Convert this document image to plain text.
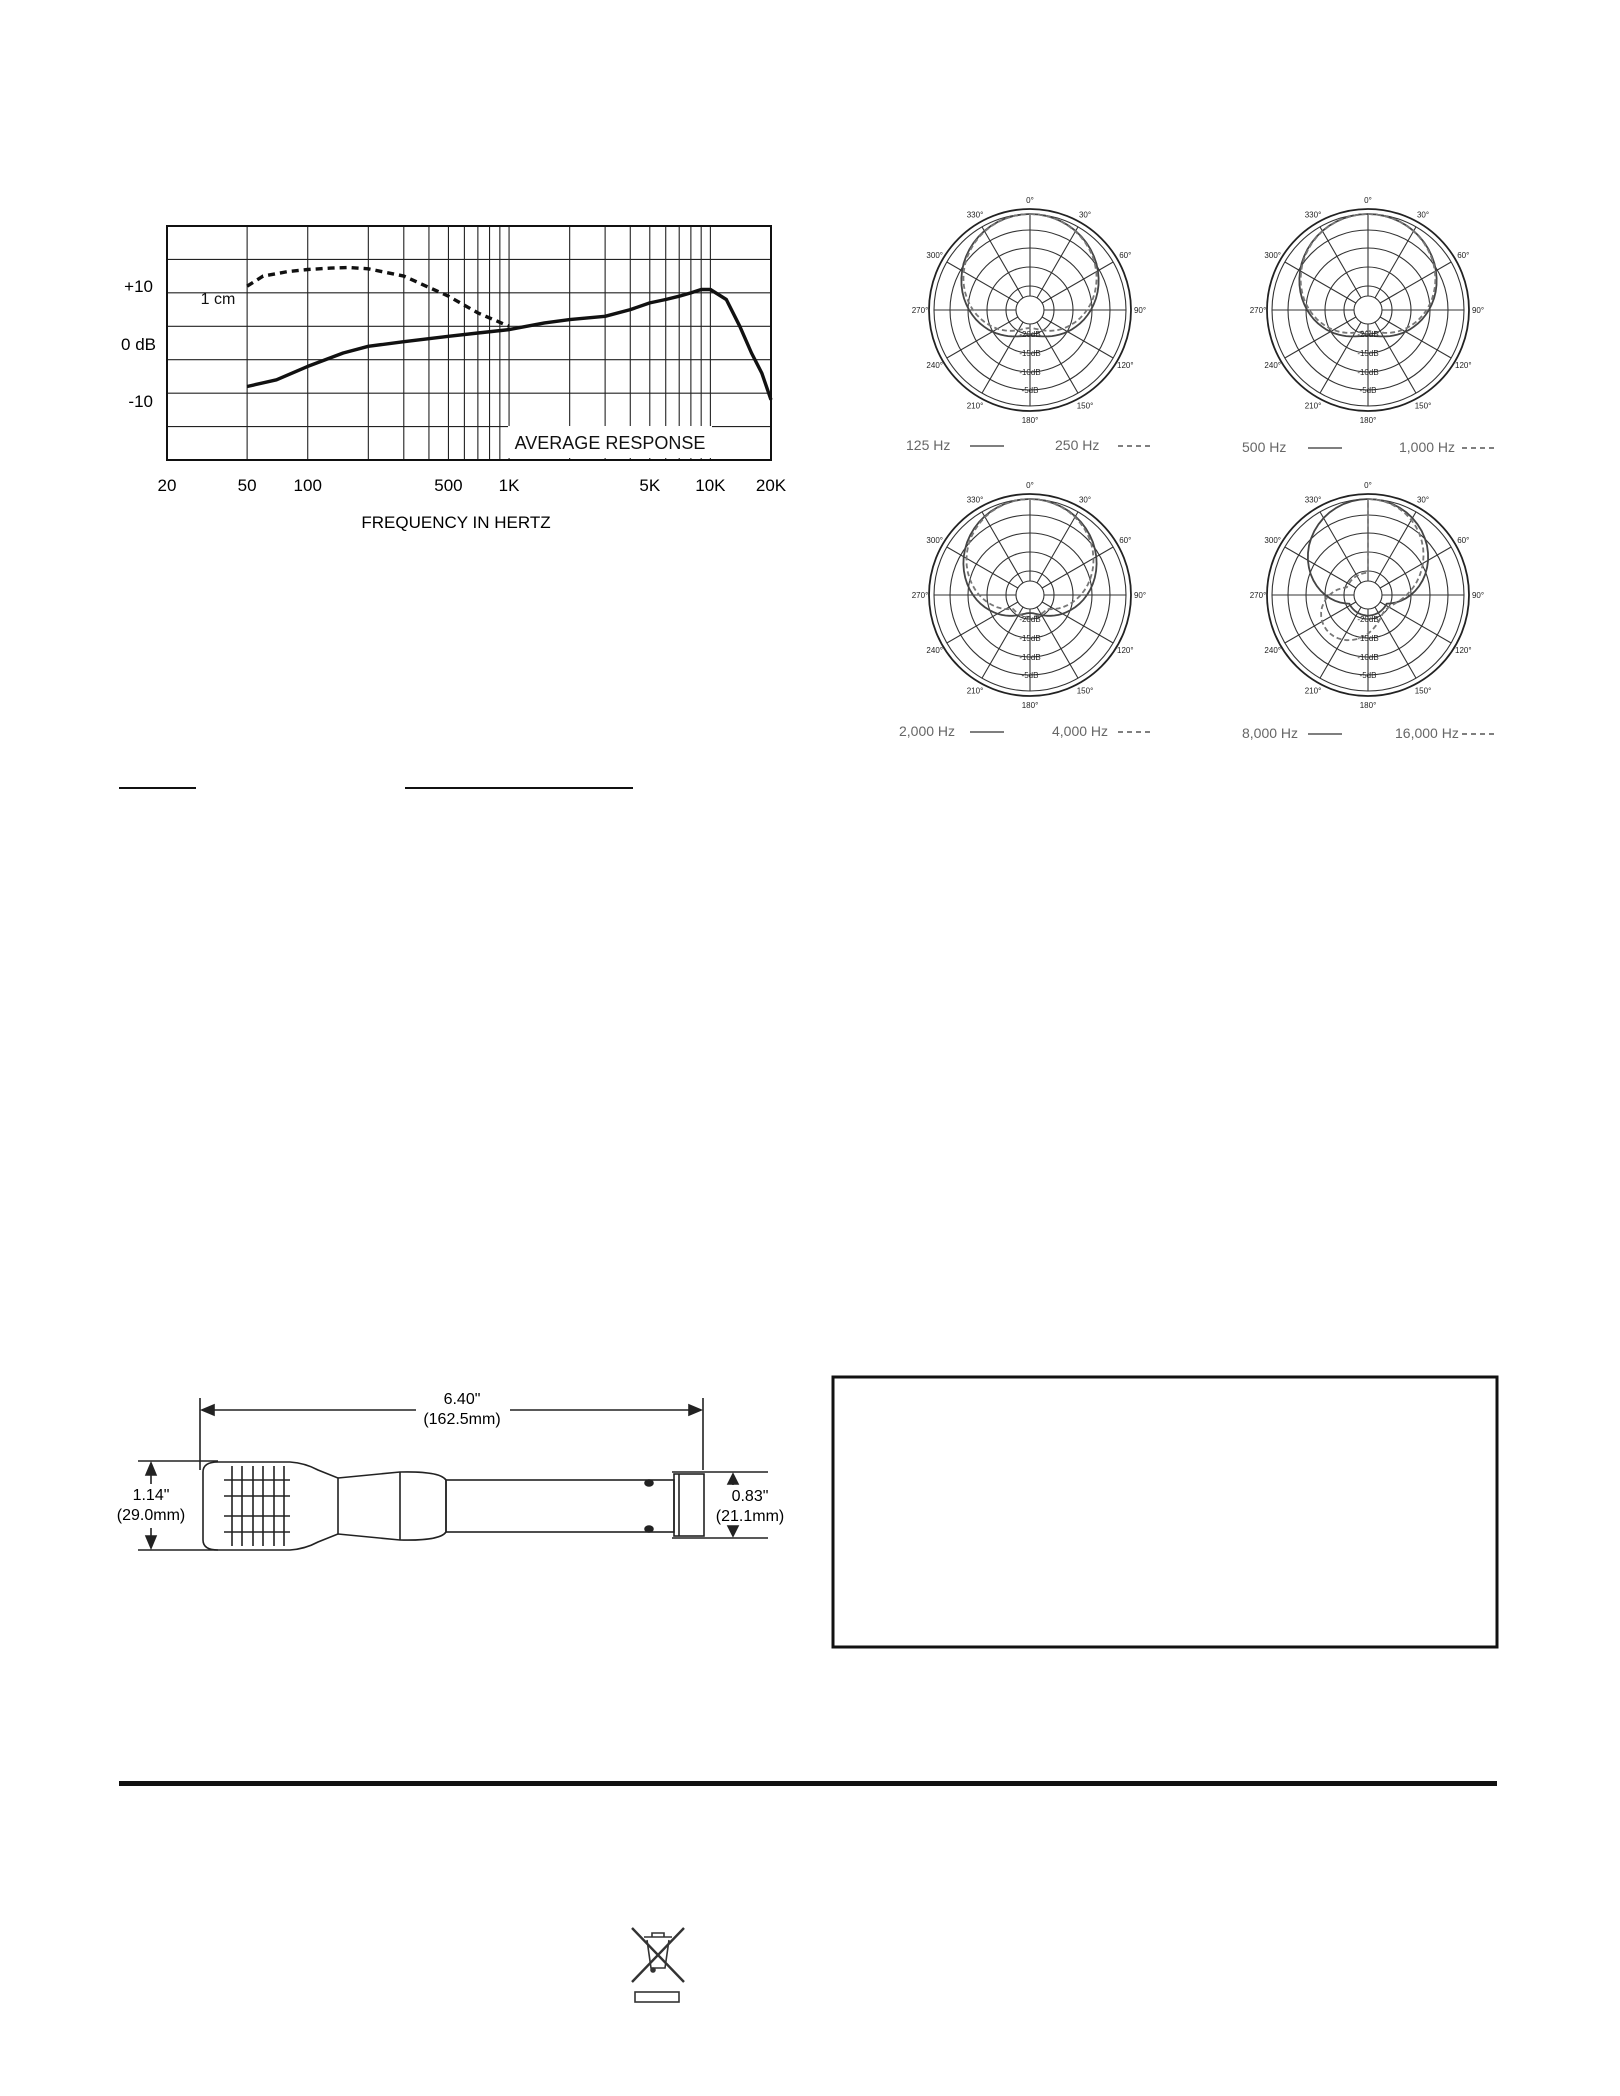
AVERAGE RESPONSE
1 cm
+10
0 dB
-10
20	50 100	500 1K	5K 10K 20K
FREQUENCY IN HERTZ
0°
30°
60°
90°
120°
150°
180°
210°
240°
270°
300°
330°
-20dB
-15dB
-10dB
-5dB
125 Hz	250 Hz
0°
30°
60°
90°
120°
150°
180°
210°
240°
270°
300°
330°
-20dB
-15dB
-10dB
-5dB
500 Hz	1,000 Hz
0°
30°
60°
90°
120°
150°
180°
210°
240°
270°
300°
330°
-20dB
-15dB
-10dB
-5dB
2,000 Hz	4,000 Hz
0°
30°
60°
90°
120°
150°
180°
210°
240°
270°
300°
330°
-20dB
-15dB
-10dB
-5dB
8,000 Hz	16,000 Hz
6.40"
(162.5mm)
1.14"
(29.0mm)
0.83"
(21.1mm)
